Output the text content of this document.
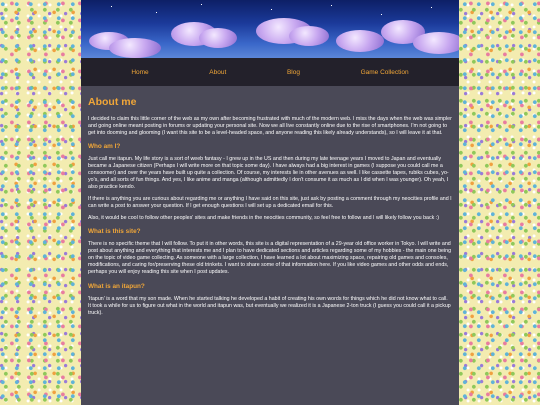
Home	About	Blog	Game Collection
About me

I decided to claim this little corner of the web as my own after becoming frustrated with much of the modern web. I miss the days when the web was simpler and going online meant posting in forums or updating your personal site. Now we all live constantly online due to the rise of smartphones. I'm not going to get into dooming and glooming (I want this site to be a level-headed space, and anyone reading this likely already understands), so I will leave it at that.

Who am I?

Just call me itapun. My life story is a sort of weeb fantasy - I grew up in the US and then during my late teenage years I moved to Japan and eventually became a Japanese citizen (Perhaps I will write more on that topic some day). I have always had a big interest in games (I suppose you could call me a consoomer) and over the years have built up quite a collection. Of course, my interests lie in other avenues as well. I like cassette tapes, rubiks cubes, yo-yo's, and all sorts of fun things. And yes, I like anime and manga (although admittedly I don't consume it as much as I did when I was younger). Oh yeah, I also practice kendo.

If there is anything you are curious about regarding me or anything I have said on this site, just ask by posting a comment through my neocities profile and I can write a post to answer your question. If I get enough questions I will set up a dedicated email for this.

Also, it would be cool to follow other peoples' sites and make friends in the neocities community, so feel free to follow and I will likely follow you back :)

What is this site?

There is no specific theme that I will follow. To put it in other words, this site is a digital representation of a 29-year old office worker in Tokyo. I will write and post about anything and everything that interests me and I plan to have dedicated sections and articles regarding some of my hobbies - the main one being on the topic of video game collecting. As someone with a large collection, I have learned a lot about maximizing space, repairing old games and consoles, modifications, and caring for/preserving these old trinkets. I want to share some of that information here. If you like video games and other odds and ends, perhaps you will enjoy reading this site when I post updates.

What is an itapun?

'Itapun' is a word that my son made. When he started talking he developed a habit of creating his own words for things which he did not know what to call. It took a while for us to figure out what in the world and itapun was, but eventually we realized it is a Japanese 2-ton truck (I guess you could call it a pickup truck).
